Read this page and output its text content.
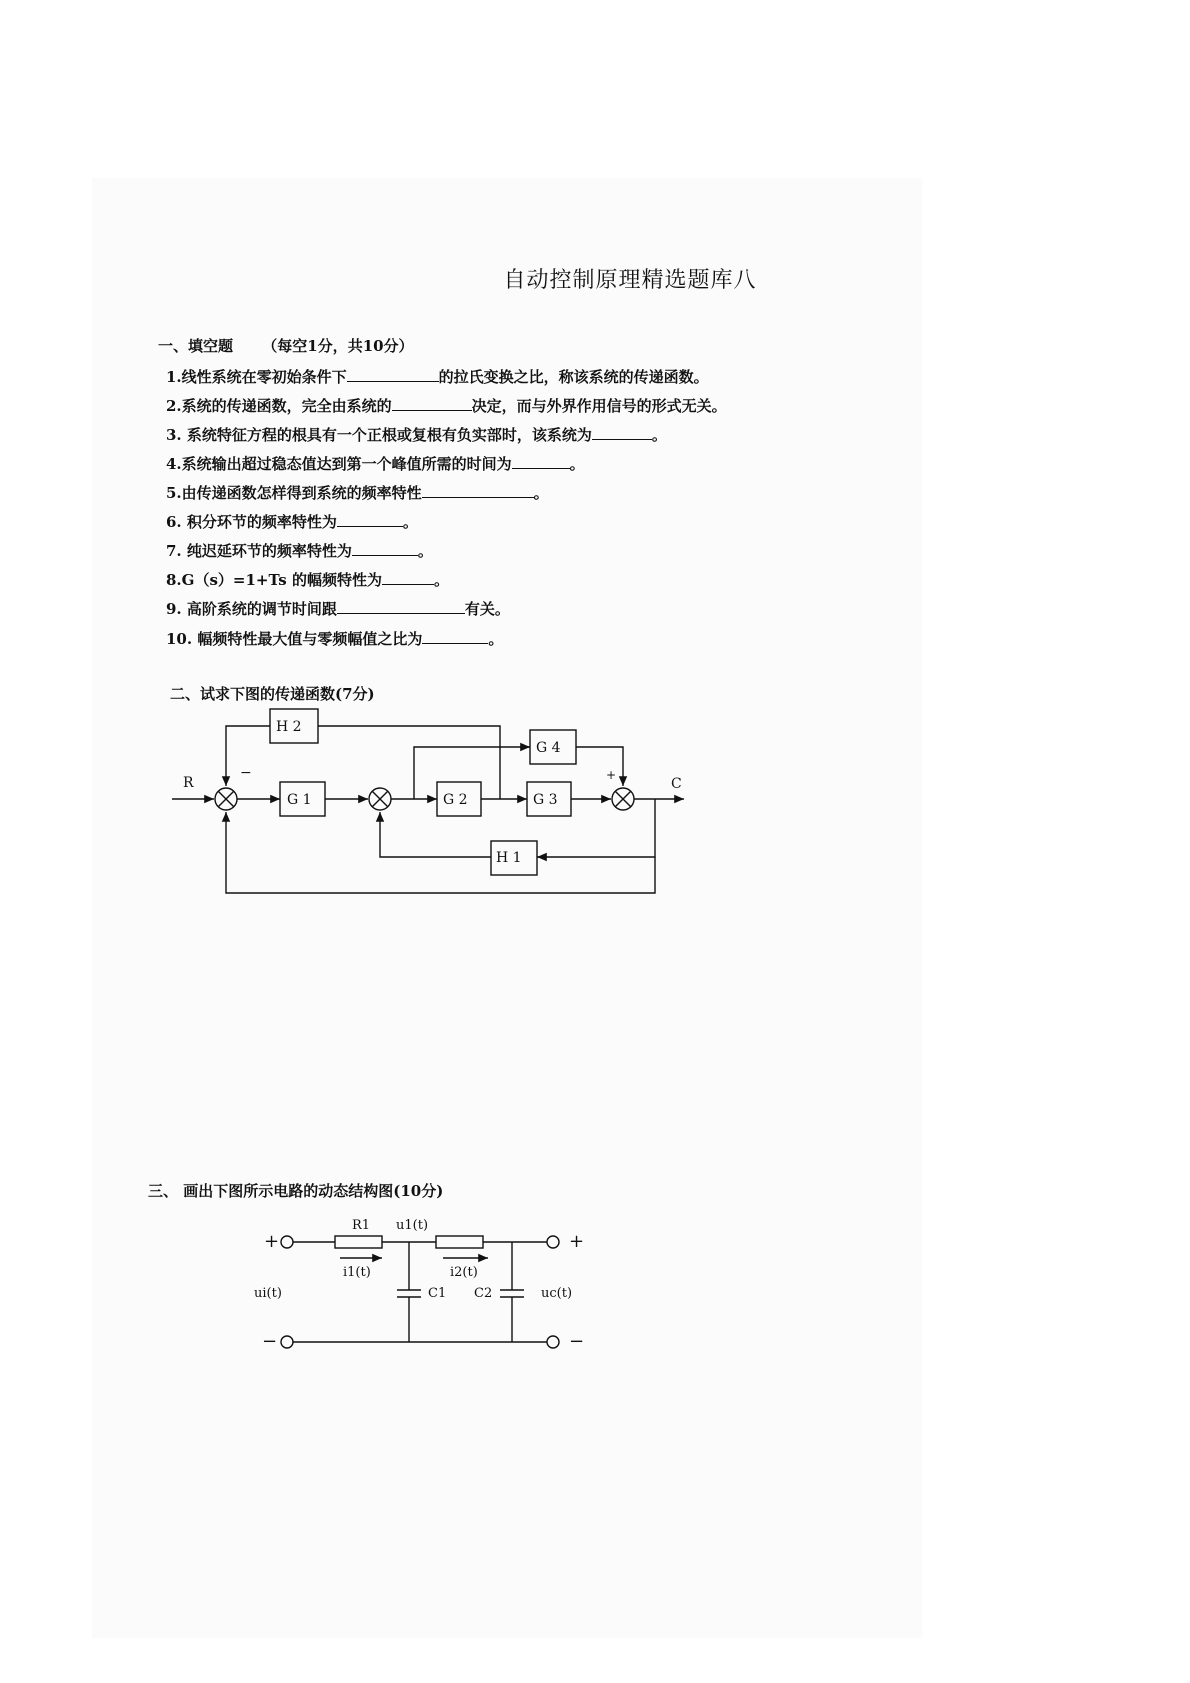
自动控制原理精选题库八
一、填空题 （每空1分，共10分）
1.线性系统在零初始条件下	的拉氏变换之比，称该系统的传递函数。
2.系统的传递函数，完全由系统的	决定，而与外界作用信号的形式无关。
3. 系统特征方程的根具有一个正根或复根有负实部时，该系统为	。
4.系统输出超过稳态值达到第一个峰值所需的时间为	。
5.由传递函数怎样得到系统的频率特性	。
6. 积分环节的频率特性为	。
7. 纯迟延环节的频率特性为	。
8.G（s）=1+Ts 的幅频特性为	。
9. 高阶系统的调节时间跟	有关。
10. 幅频特性最大值与零频幅值之比为	。
二、试求下图的传递函数(7分)
R	C
−	+
G 1	G 2	G 3
G 4
H 1
H 2
三、 画出下图所示电路的动态结构图(10分)
+
−
+
−
R1 u1(t)
i1(t)	i2(t)
C1 C2
ui(t)	uc(t)
